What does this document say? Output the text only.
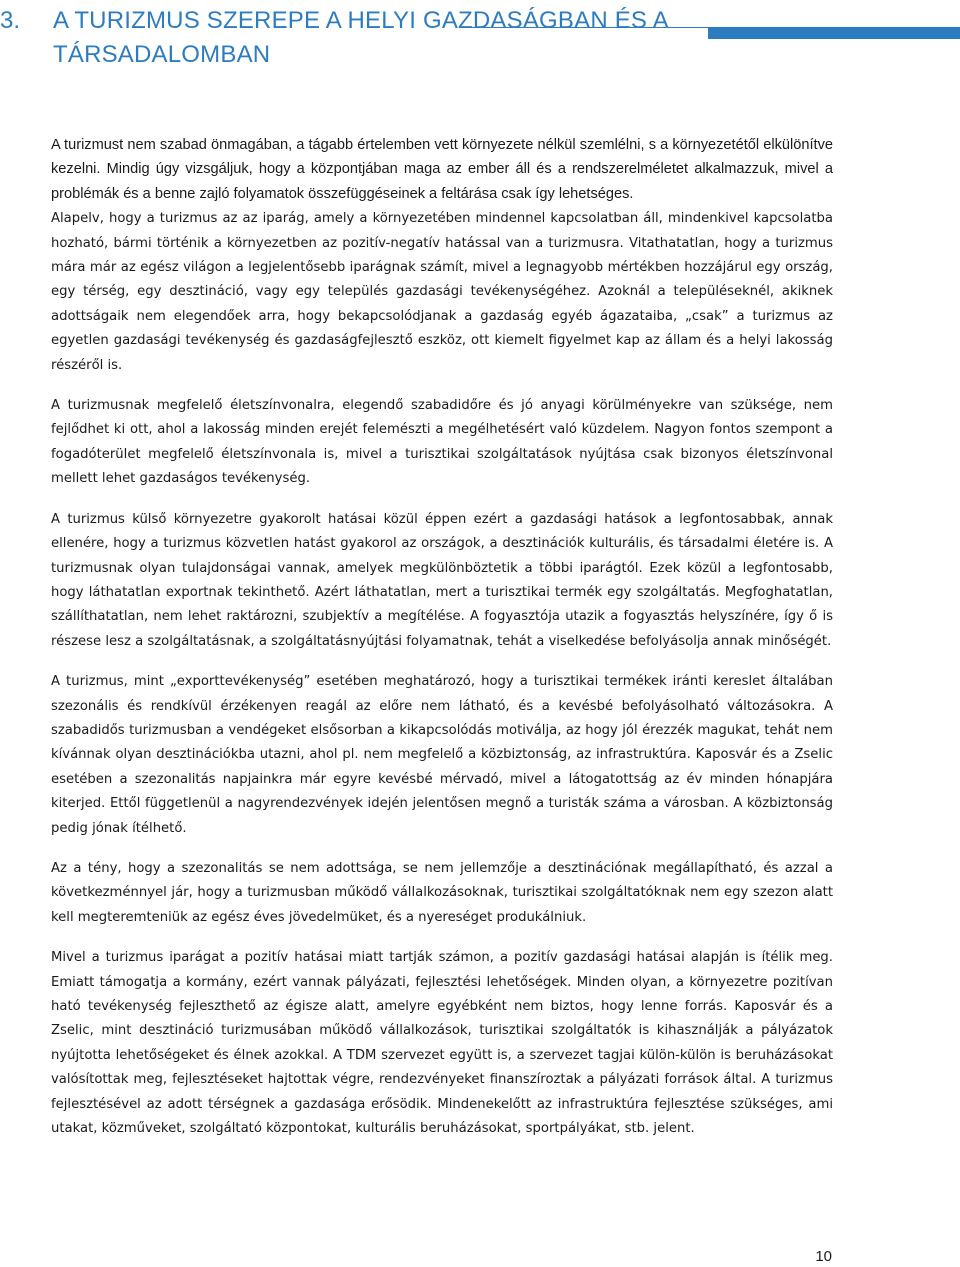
3. A TURIZMUS SZEREPE A HELYI GAZDASÁGBAN ÉS A TÁRSADALOMBAN

A turizmust nem szabad önmagában, a tágabb értelemben vett környezete nélkül szemlélni, s a környezetétől elkülönítve kezelni. Mindig úgy vizsgáljuk, hogy a központjában maga az ember áll és a rendszerelméletet alkalmazzuk, mivel a problémák és a benne zajló folyamatok összefüggéseinek a feltárása csak így lehetséges.

Alapelv, hogy a turizmus az az iparág, amely a környezetében mindennel kapcsolatban áll, mindenkivel kapcsolatba hozható, bármi történik a környezetben az pozitív-negatív hatással van a turizmusra. Vitathatatlan, hogy a turizmus mára már az egész világon a legjelentősebb iparágnak számít, mivel a legnagyobb mértékben hozzájárul egy ország, egy térség, egy desztináció, vagy egy település gazdasági tevékenységéhez. Azoknál a településeknél, akiknek adottságaik nem elegendőek arra, hogy bekapcsolódjanak a gazdaság egyéb ágazataiba, „csak” a turizmus az egyetlen gazdasági tevékenység és gazdaságfejlesztő eszköz, ott kiemelt figyelmet kap az állam és a helyi lakosság részéről is.

A turizmusnak megfelelő életszínvonalra, elegendő szabadidőre és jó anyagi körülményekre van szüksége, nem fejlődhet ki ott, ahol a lakosság minden erejét felemészti a megélhetésért való küzdelem. Nagyon fontos szempont a fogadóterület megfelelő életszínvonala is, mivel a turisztikai szolgáltatások nyújtása csak bizonyos életszínvonal mellett lehet gazdaságos tevékenység.

A turizmus külső környezetre gyakorolt hatásai közül éppen ezért a gazdasági hatások a legfontosabbak, annak ellenére, hogy a turizmus közvetlen hatást gyakorol az országok, a desztinációk kulturális, és társadalmi életére is. A turizmusnak olyan tulajdonságai vannak, amelyek megkülönböztetik a többi iparágtól. Ezek közül a legfontosabb, hogy láthatatlan exportnak tekinthető. Azért láthatatlan, mert a turisztikai termék egy szolgáltatás. Megfoghatatlan, szállíthatatlan, nem lehet raktározni, szubjektív a megítélése. A fogyasztója utazik a fogyasztás helyszínére, így ő is részese lesz a szolgáltatásnak, a szolgáltatásnyújtási folyamatnak, tehát a viselkedése befolyásolja annak minőségét.

A turizmus, mint „exporttevékenység” esetében meghatározó, hogy a turisztikai termékek iránti kereslet általában szezonális és rendkívül érzékenyen reagál az előre nem látható, és a kevésbé befolyásolható változásokra. A szabadidős turizmusban a vendégeket elsősorban a kikapcsolódás motiválja, az hogy jól érezzék magukat, tehát nem kívánnak olyan desztinációkba utazni, ahol pl. nem megfelelő a közbiztonság, az infrastruktúra. Kaposvár és a Zselic esetében a szezonalitás napjainkra már egyre kevésbé mérvadó, mivel a látogatottság az év minden hónapjára kiterjed. Ettől függetlenül a nagyrendezvények idején jelentősen megnő a turisták száma a városban. A közbiztonság pedig jónak ítélhető.

Az a tény, hogy a szezonalitás se nem adottsága, se nem jellemzője a desztinációnak megállapítható, és azzal a következménnyel jár, hogy a turizmusban működő vállalkozásoknak, turisztikai szolgáltatóknak nem egy szezon alatt kell megteremteniük az egész éves jövedelmüket, és a nyereséget produkálniuk.

Mivel a turizmus iparágat a pozitív hatásai miatt tartják számon, a pozitív gazdasági hatásai alapján is ítélik meg. Emiatt támogatja a kormány, ezért vannak pályázati, fejlesztési lehetőségek. Minden olyan, a környezetre pozitívan ható tevékenység fejleszthető az égisze alatt, amelyre egyébként nem biztos, hogy lenne forrás. Kaposvár és a Zselic, mint desztináció turizmusában működő vállalkozások, turisztikai szolgáltatók is kihasználják a pályázatok nyújtotta lehetőségeket és élnek azokkal. A TDM szervezet együtt is, a szervezet tagjai külön-külön is beruházásokat valósítottak meg, fejlesztéseket hajtottak végre, rendezvényeket finanszíroztak a pályázati források által. A turizmus fejlesztésével az adott térségnek a gazdasága erősödik. Mindenekelőtt az infrastruktúra fejlesztése szükséges, ami utakat, közműveket, szolgáltató központokat, kulturális beruházásokat, sportpályákat, stb. jelent.

10
